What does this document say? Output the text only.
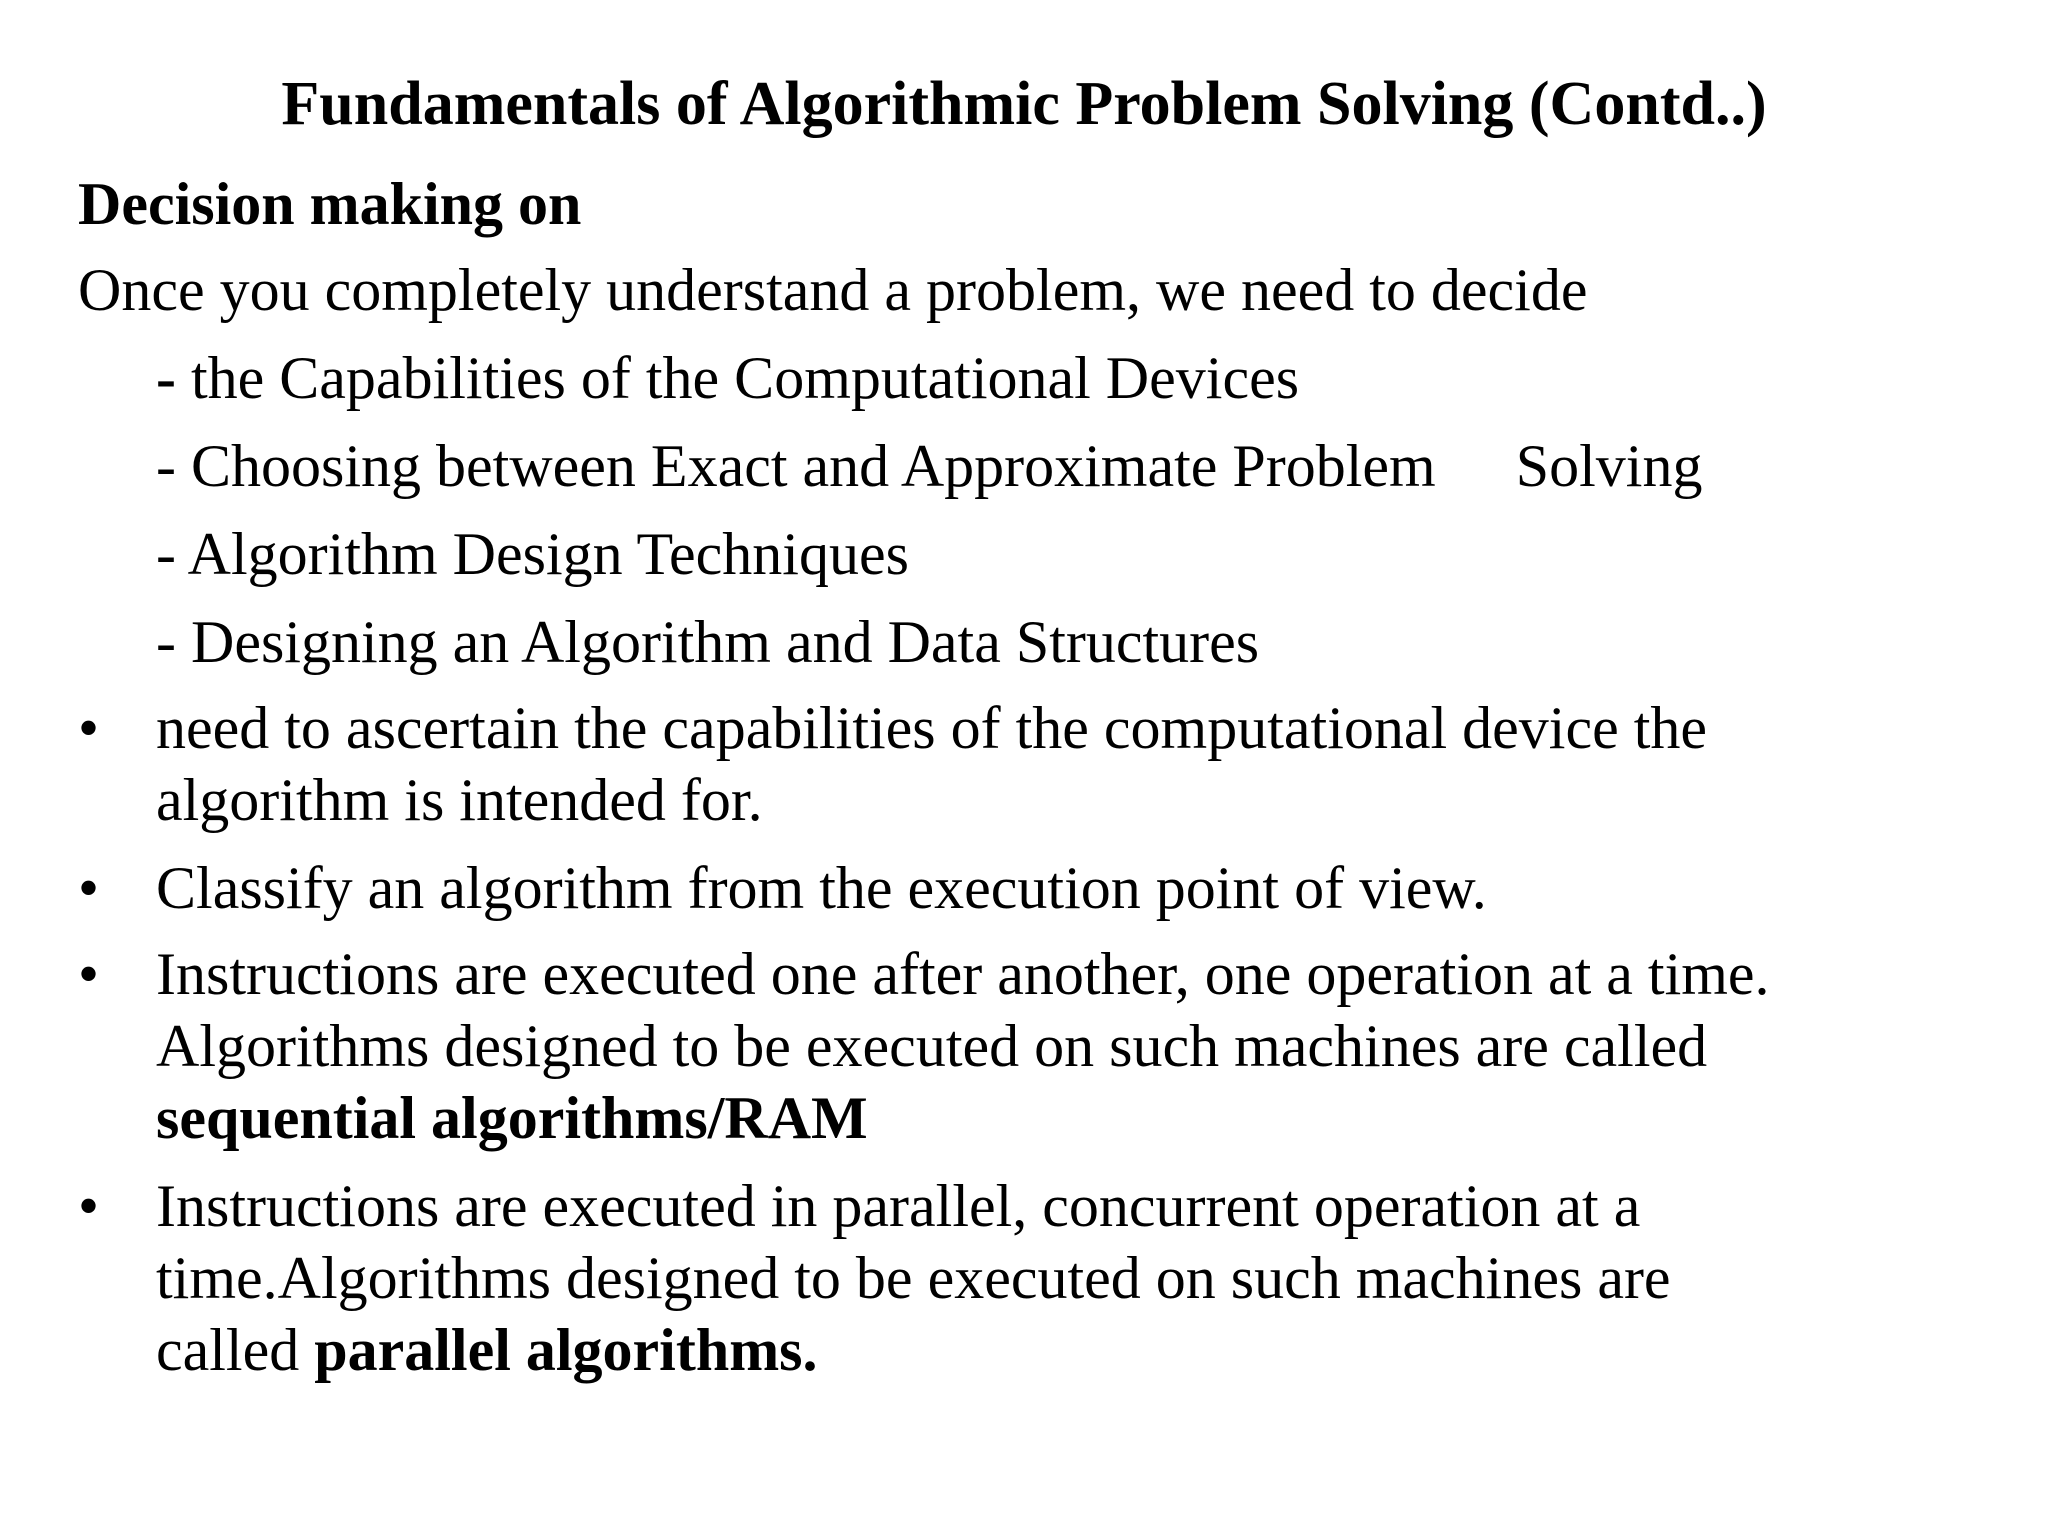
Fundamentals of Algorithmic Problem Solving (Contd..)
Decision making on
Once you completely understand a problem, we need to decide
- the Capabilities of the Computational Devices
- Choosing between Exact and Approximate Problem Solving
- Algorithm Design Techniques
- Designing an Algorithm and Data Structures
• need to ascertain the capabilities of the computational device the
algorithm is intended for.
• Classify an algorithm from the execution point of view.
• Instructions are executed one after another, one operation at a time.
Algorithms designed to be executed on such machines are called
sequential algorithms/RAM
• Instructions are executed in parallel, concurrent operation at a
time.Algorithms designed to be executed on such machines are
called parallel algorithms.
